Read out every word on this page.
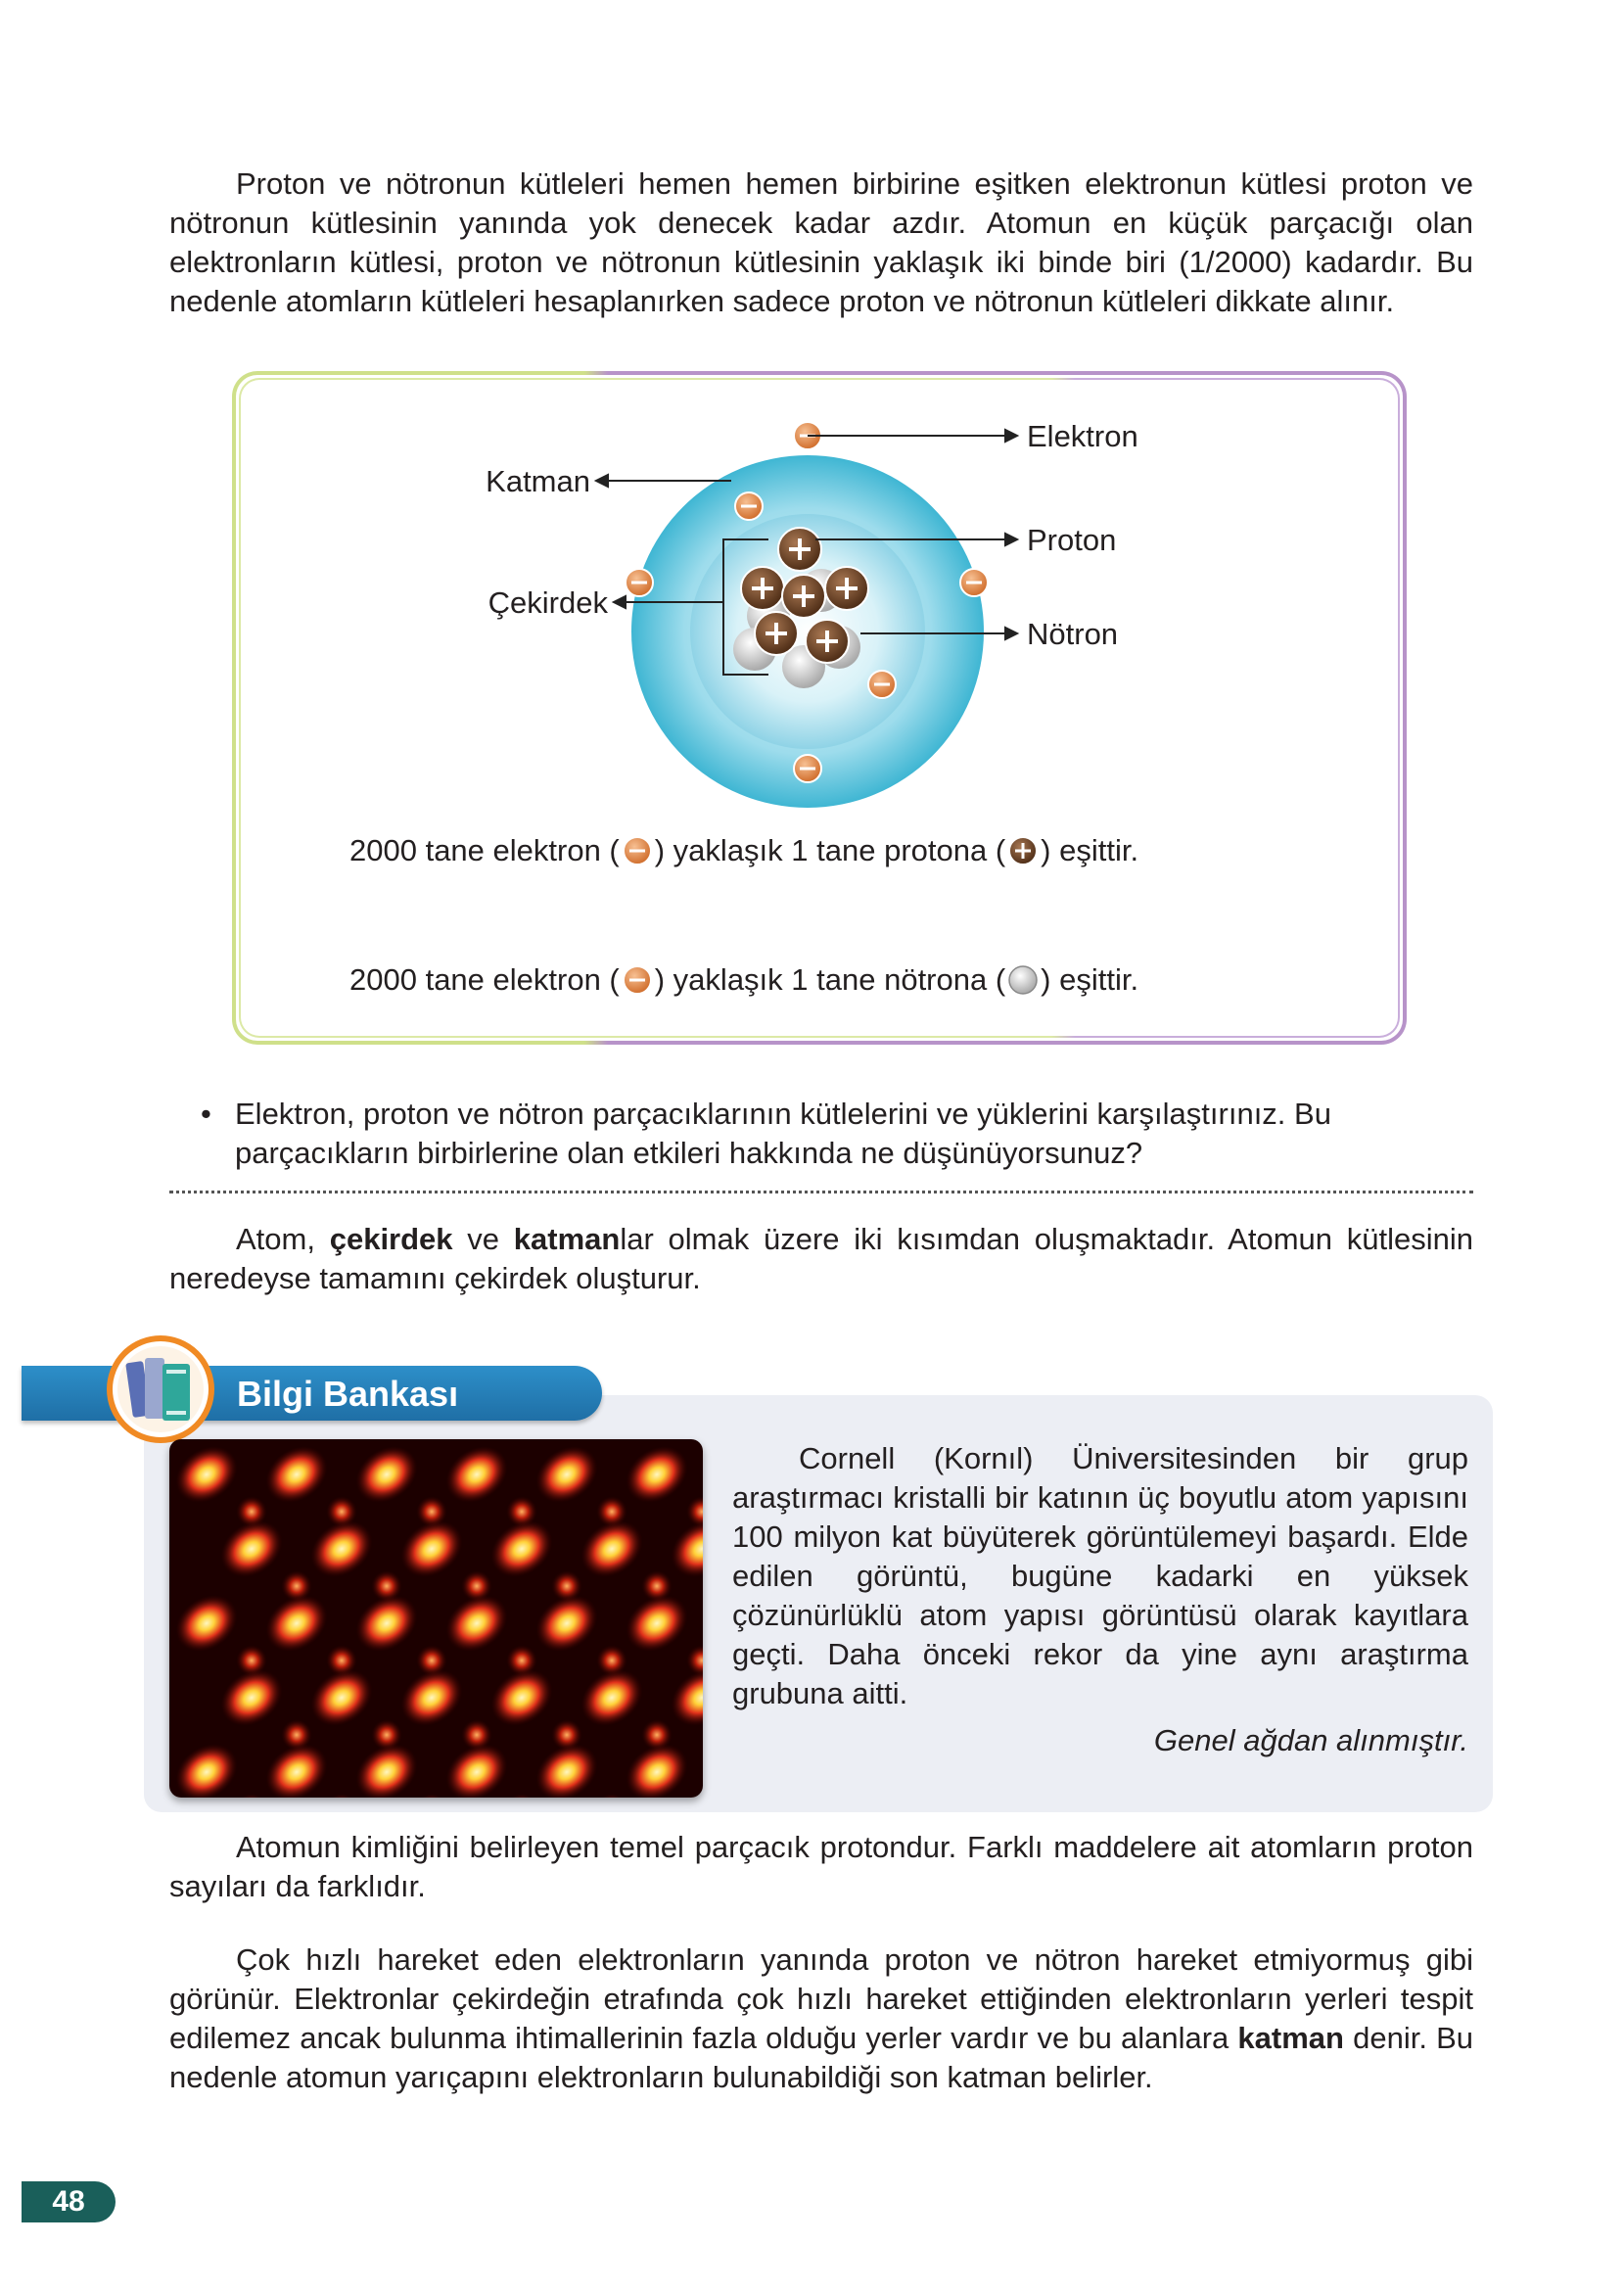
Proton ve nötronun kütleleri hemen hemen birbirine eşitken elektronun kütlesi proton ve nötronun kütlesinin yanında yok denecek kadar azdır. Atomun en küçük parçacığı olan elektronların kütlesi, proton ve nötronun kütlesinin yaklaşık iki binde biri (1/2000) kadardır. Bu nedenle atomların kütleleri hesaplanırken sadece proton ve nötronun kütleleri dikkate alınır.

Elektron
Proton
Nötron
Katman
Çekirdek
2000 tane elektron ( ) yaklaşık 1 tane protona ( ) eşittir.
2000 tane elektron ( ) yaklaşık 1 tane nötrona ( ) eşittir.
• Elektron, proton ve nötron parçacıklarının kütlelerini ve yüklerini karşılaştırınız. Bu parçacıkların birbirlerine olan etkileri hakkında ne düşünüyorsunuz?

Atom, çekirdek ve katmanlar olmak üzere iki kısımdan oluşmaktadır. Atomun kütlesinin neredeyse tamamını çekirdek oluşturur.

Bilgi Bankası

Cornell (Kornıl) Üniversitesinden bir grup araştırmacı kristalli bir katının üç boyutlu atom yapısını 100 milyon kat büyüterek görüntülemeyi başardı. Elde edilen görüntü, bugüne kadarki en yüksek çözünürlüklü atom yapısı görüntüsü olarak kayıtlara geçti. Daha önceki rekor da yine aynı araştırma grubuna aitti.

Genel ağdan alınmıştır.

Atomun kimliğini belirleyen temel parçacık protondur. Farklı maddelere ait atomların proton sayıları da farklıdır.

Çok hızlı hareket eden elektronların yanında proton ve nötron hareket etmiyormuş gibi görünür. Elektronlar çekirdeğin etrafında çok hızlı hareket ettiğinden elektronların yerleri tespit edilemez ancak bulunma ihtimallerinin fazla olduğu yerler vardır ve bu alanlara katman denir. Bu nedenle atomun yarıçapını elektronların bulunabildiği son katman belirler.

48
